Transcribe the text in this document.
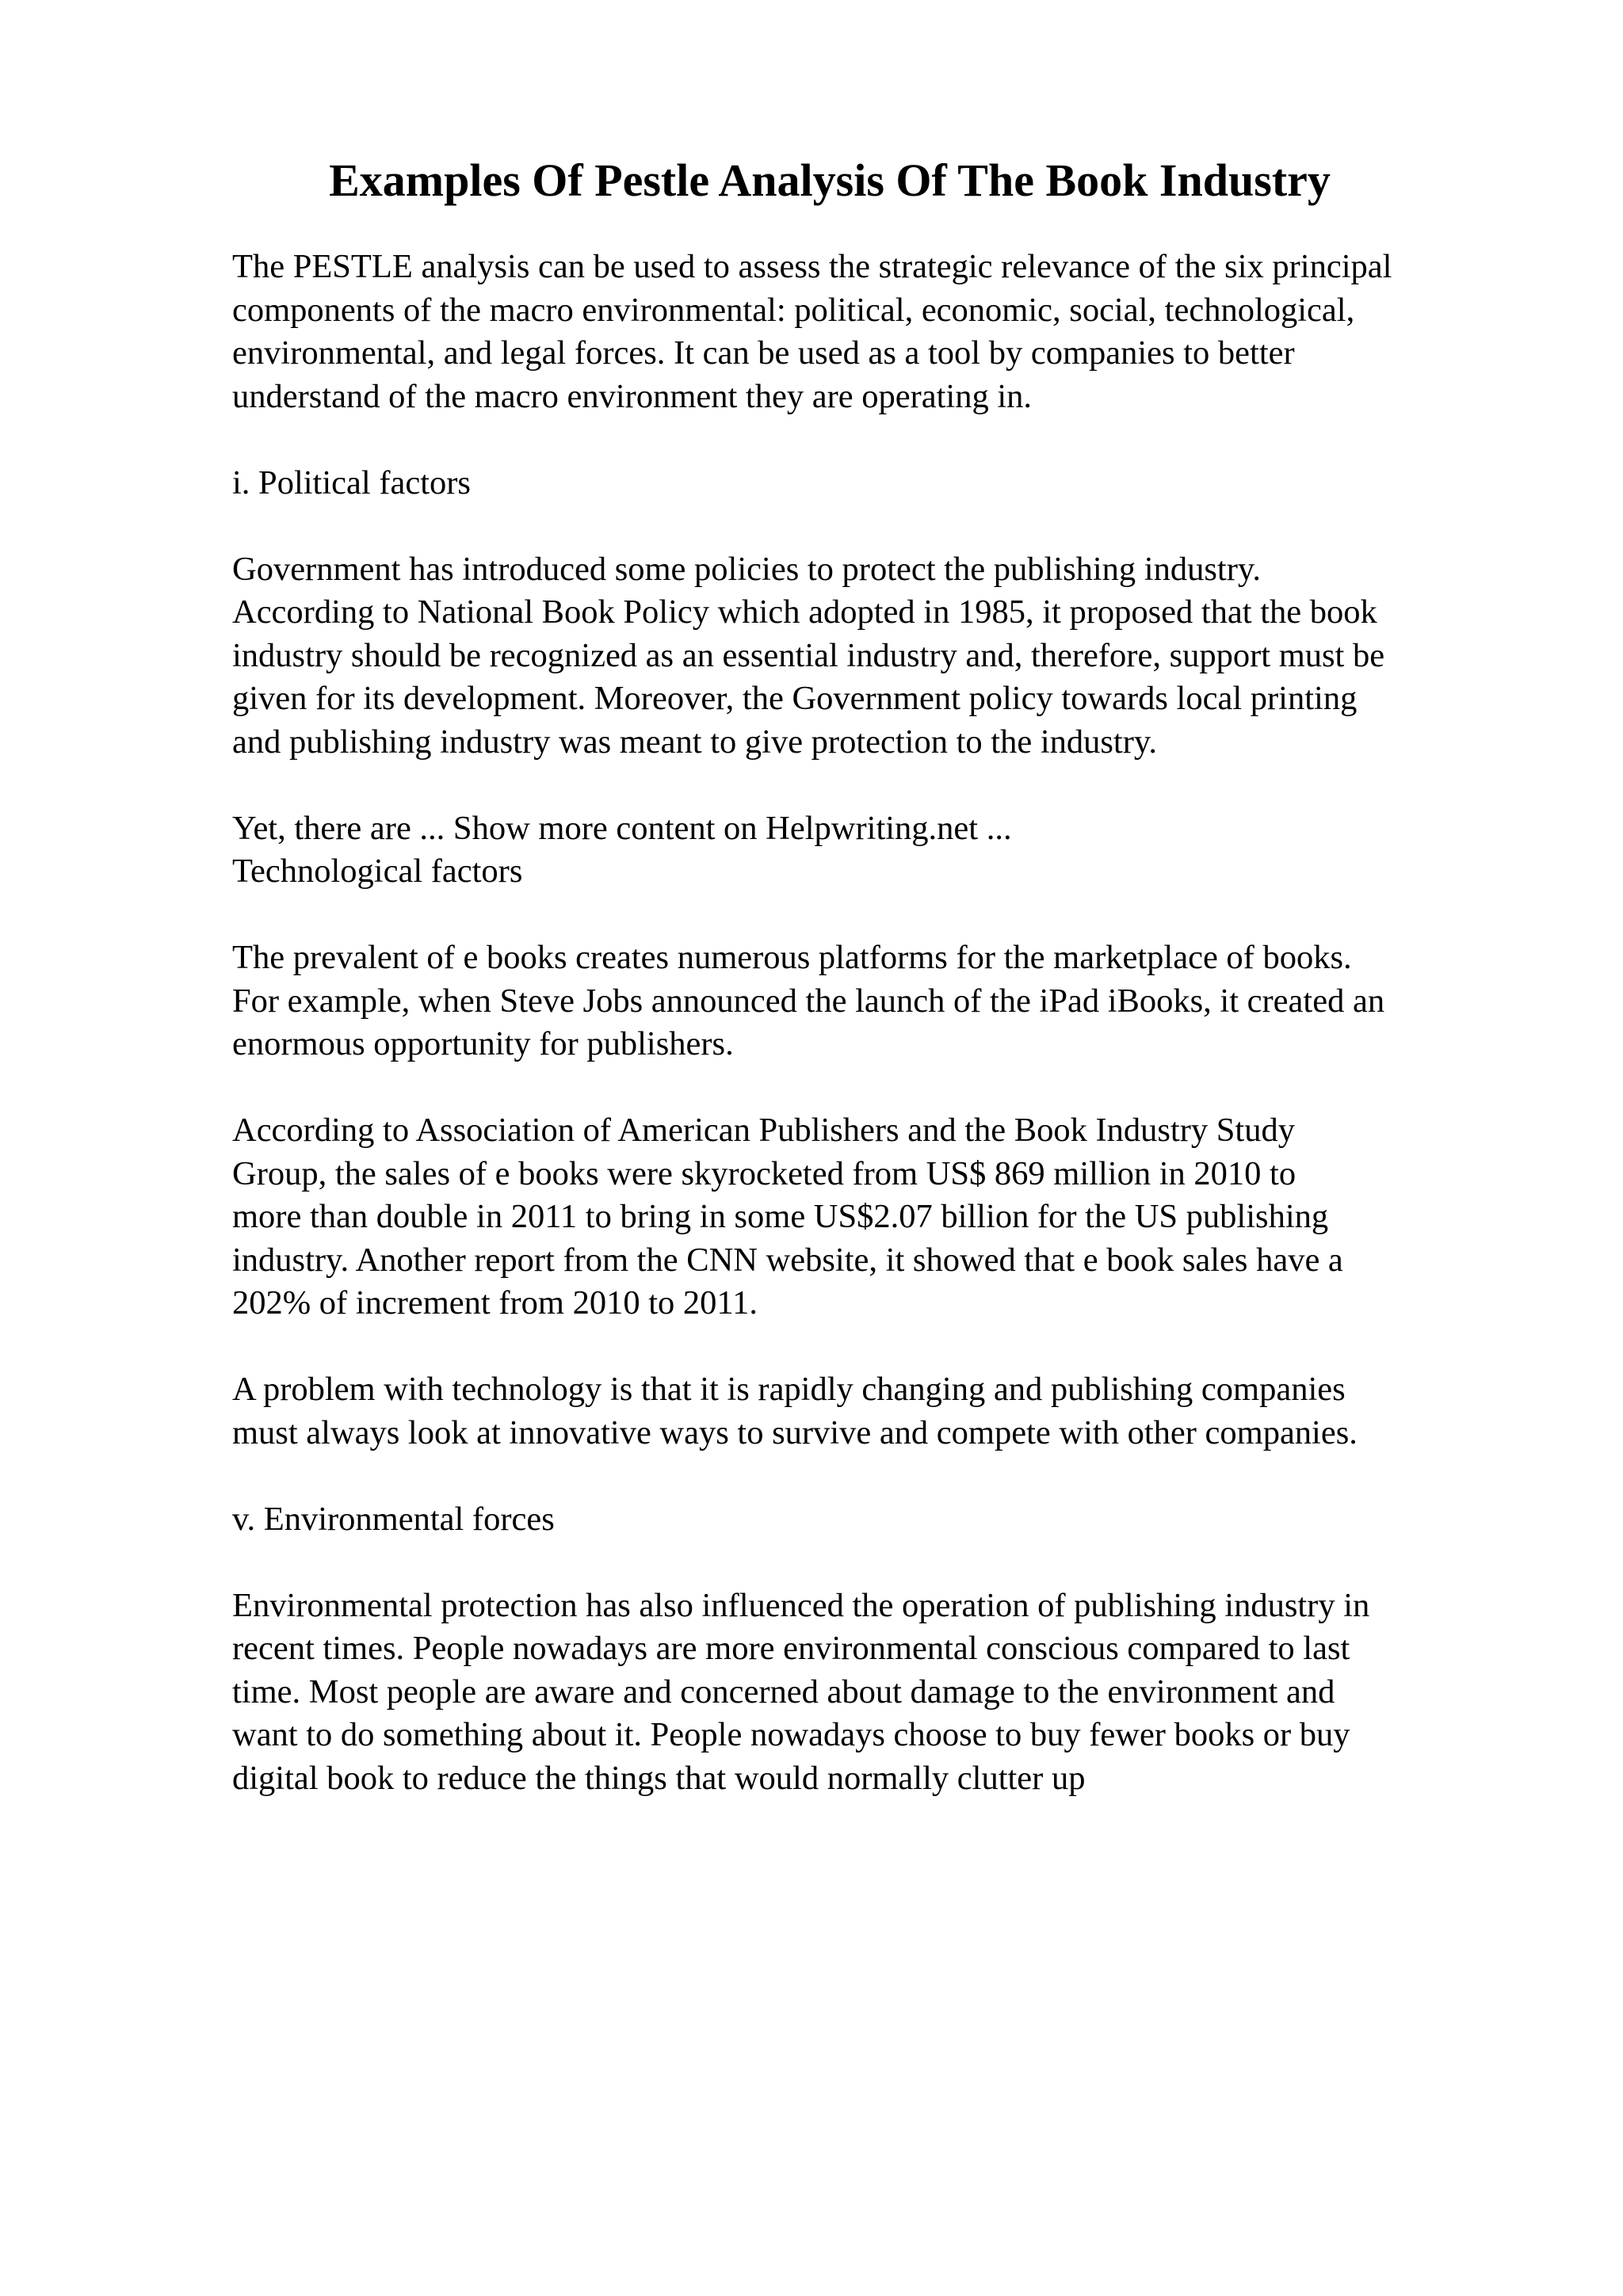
Examples Of Pestle Analysis Of The Book Industry

The PESTLE analysis can be used to assess the strategic relevance of the six principal
components of the macro environmental: political, economic, social, technological,
environmental, and legal forces. It can be used as a tool by companies to better
understand of the macro environment they are operating in.

i. Political factors

Government has introduced some policies to protect the publishing industry.
According to National Book Policy which adopted in 1985, it proposed that the book
industry should be recognized as an essential industry and, therefore, support must be
given for its development. Moreover, the Government policy towards local printing
and publishing industry was meant to give protection to the industry.

Yet, there are ... Show more content on Helpwriting.net ...
Technological factors

The prevalent of e books creates numerous platforms for the marketplace of books.
For example, when Steve Jobs announced the launch of the iPad iBooks, it created an
enormous opportunity for publishers.

According to Association of American Publishers and the Book Industry Study
Group, the sales of e books were skyrocketed from US$ 869 million in 2010 to
more than double in 2011 to bring in some US$2.07 billion for the US publishing
industry. Another report from the CNN website, it showed that e book sales have a
202% of increment from 2010 to 2011.

A problem with technology is that it is rapidly changing and publishing companies
must always look at innovative ways to survive and compete with other companies.

v. Environmental forces

Environmental protection has also influenced the operation of publishing industry in
recent times. People nowadays are more environmental conscious compared to last
time. Most people are aware and concerned about damage to the environment and
want to do something about it. People nowadays choose to buy fewer books or buy
digital book to reduce the things that would normally clutter up
